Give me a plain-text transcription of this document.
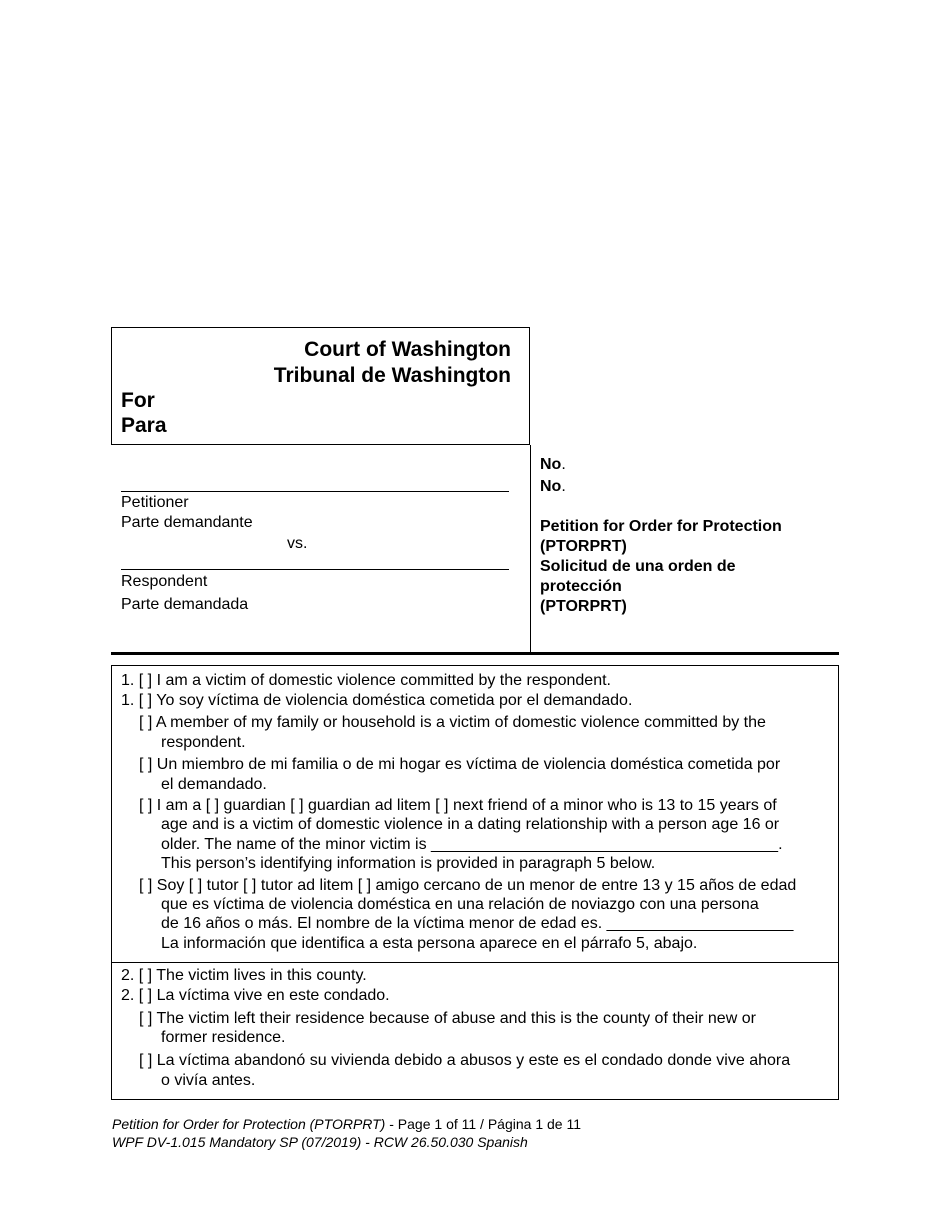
Court of Washington
Tribunal de Washington
For
Para
Petitioner
Parte demandante
vs.
Respondent
Parte demandada
No.
No.
Petition for Order for Protection
(PTORPRT)
Solicitud de una orden de
protección
(PTORPRT)
1. [ ] I am a victim of domestic violence committed by the respondent.
1. [ ] Yo soy víctima de violencia doméstica cometida por el demandado.
[ ] A member of my family or household is a victim of domestic violence committed by the
respondent.
[ ] Un miembro de mi familia o de mi hogar es víctima de violencia doméstica cometida por
el demandado.
[ ] I am a [ ] guardian [ ] guardian ad litem [ ] next friend of a minor who is 13 to 15 years of
age and is a victim of domestic violence in a dating relationship with a person age 16 or
older. The name of the minor victim is _______________________________________.
This person’s identifying information is provided in paragraph 5 below.
[ ] Soy [ ] tutor [ ] tutor ad litem [ ] amigo cercano de un menor de entre 13 y 15 años de edad
que es víctima de violencia doméstica en una relación de noviazgo con una persona
de 16 años o más. El nombre de la víctima menor de edad es. _____________________
La información que identifica a esta persona aparece en el párrafo 5, abajo.
2. [ ] The victim lives in this county.
2. [ ] La víctima vive en este condado.
[ ] The victim left their residence because of abuse and this is the county of their new or
former residence.
[ ] La víctima abandonó su vivienda debido a abusos y este es el condado donde vive ahora
o vivía antes.
Petition for Order for Protection (PTORPRT) - Page 1 of 11 / Página 1 de 11
WPF DV-1.015 Mandatory SP (07/2019) - RCW 26.50.030 Spanish
